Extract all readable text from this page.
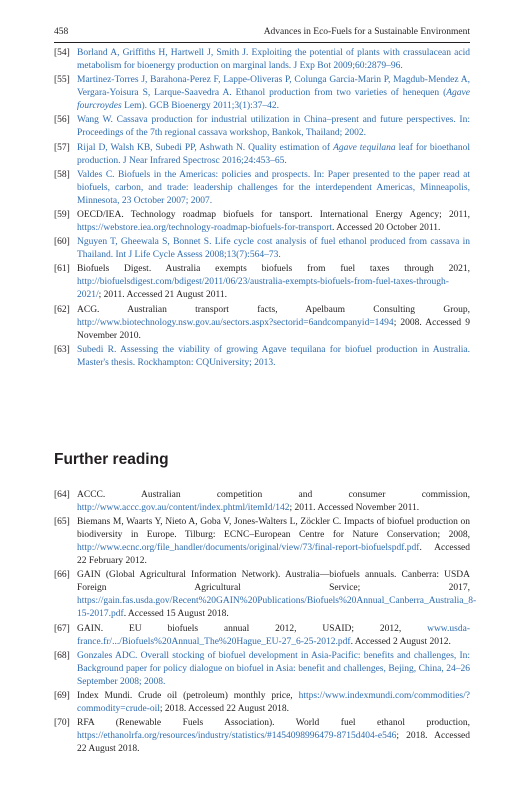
458	Advances in Eco-Fuels for a Sustainable Environment
[54] Borland A, Griffiths H, Hartwell J, Smith J. Exploiting the potential of plants with crassulacean acid metabolism for bioenergy production on marginal lands. J Exp Bot 2009;60:2879–96.
[55] Martinez-Torres J, Barahona-Perez F, Lappe-Oliveras P, Colunga Garcia-Marin P, Magdub-Mendez A, Vergara-Yoisura S, Larque-Saavedra A. Ethanol production from two varieties of henequen (Agave fourcroydes Lem). GCB Bioenergy 2011;3(1):37–42.
[56] Wang W. Cassava production for industrial utilization in China–present and future perspectives. In: Proceedings of the 7th regional cassava workshop, Bankok, Thailand; 2002.
[57] Rijal D, Walsh KB, Subedi PP, Ashwath N. Quality estimation of Agave tequilana leaf for bioethanol production. J Near Infrared Spectrosc 2016;24:453–65.
[58] Valdes C. Biofuels in the Americas: policies and prospects. In: Paper presented to the paper read at biofuels, carbon, and trade: leadership challenges for the interdependent Americas, Minneapolis, Minnesota, 23 October 2007; 2007.
[59] OECD/IEA. Technology roadmap biofuels for tansport. International Energy Agency; 2011, https://webstore.iea.org/technology-roadmap-biofuels-for-transport. Accessed 20 October 2011.
[60] Nguyen T, Gheewala S, Bonnet S. Life cycle cost analysis of fuel ethanol produced from cassava in Thailand. Int J Life Cycle Assess 2008;13(7):564–73.
[61] Biofuels Digest. Australia exempts biofuels from fuel taxes through 2021, http://biofuelsdigest.com/bdigest/2011/06/23/australia-exempts-biofuels-from-fuel-taxes-through-2021/; 2011. Accessed 21 August 2011.
[62] ACG. Australian transport facts, Apelbaum Consulting Group, http://www.biotechnology.nsw.gov.au/sectors.aspx?sectorid=6andcompanyid=1494; 2008. Accessed 9 November 2010.
[63] Subedi R. Assessing the viability of growing Agave tequilana for biofuel production in Australia. Master's thesis. Rockhampton: CQUniversity; 2013.
Further reading
[64] ACCC. Australian competition and consumer commission, http://www.accc.gov.au/content/index.phtml/itemId/142; 2011. Accessed November 2011.
[65] Biemans M, Waarts Y, Nieto A, Goba V, Jones-Walters L, Zöckler C. Impacts of biofuel production on biodiversity in Europe. Tilburg: ECNC–European Centre for Nature Conservation; 2008, http://www.ecnc.org/file_handler/documents/original/view/73/final-report-biofuelspdf.pdf. Accessed 22 February 2012.
[66] GAIN (Global Agricultural Information Network). Australia—biofuels annuals. Canberra: USDA Foreign Agricultural Service; 2017, https://gain.fas.usda.gov/Recent%20GAIN%20Publications/Biofuels%20Annual_Canberra_Australia_8-15-2017.pdf. Accessed 15 August 2018.
[67] GAIN. EU biofuels annual 2012, USAID; 2012, www.usda-france.fr/.../Biofuels%20Annual_The%20Hague_EU-27_6-25-2012.pdf. Accessed 2 August 2012.
[68] Gonzales ADC. Overall stocking of biofuel development in Asia-Pacific: benefits and challenges, In: Background paper for policy dialogue on biofuel in Asia: benefit and challenges, Bejing, China, 24–26 September 2008; 2008.
[69] Index Mundi. Crude oil (petroleum) monthly price, https://www.indexmundi.com/commodities/?commodity=crude-oil; 2018. Accessed 22 August 2018.
[70] RFA (Renewable Fuels Association). World fuel ethanol production, https://ethanolrfa.org/resources/industry/statistics/#1454098996479-8715d404-e546; 2018. Accessed 22 August 2018.
